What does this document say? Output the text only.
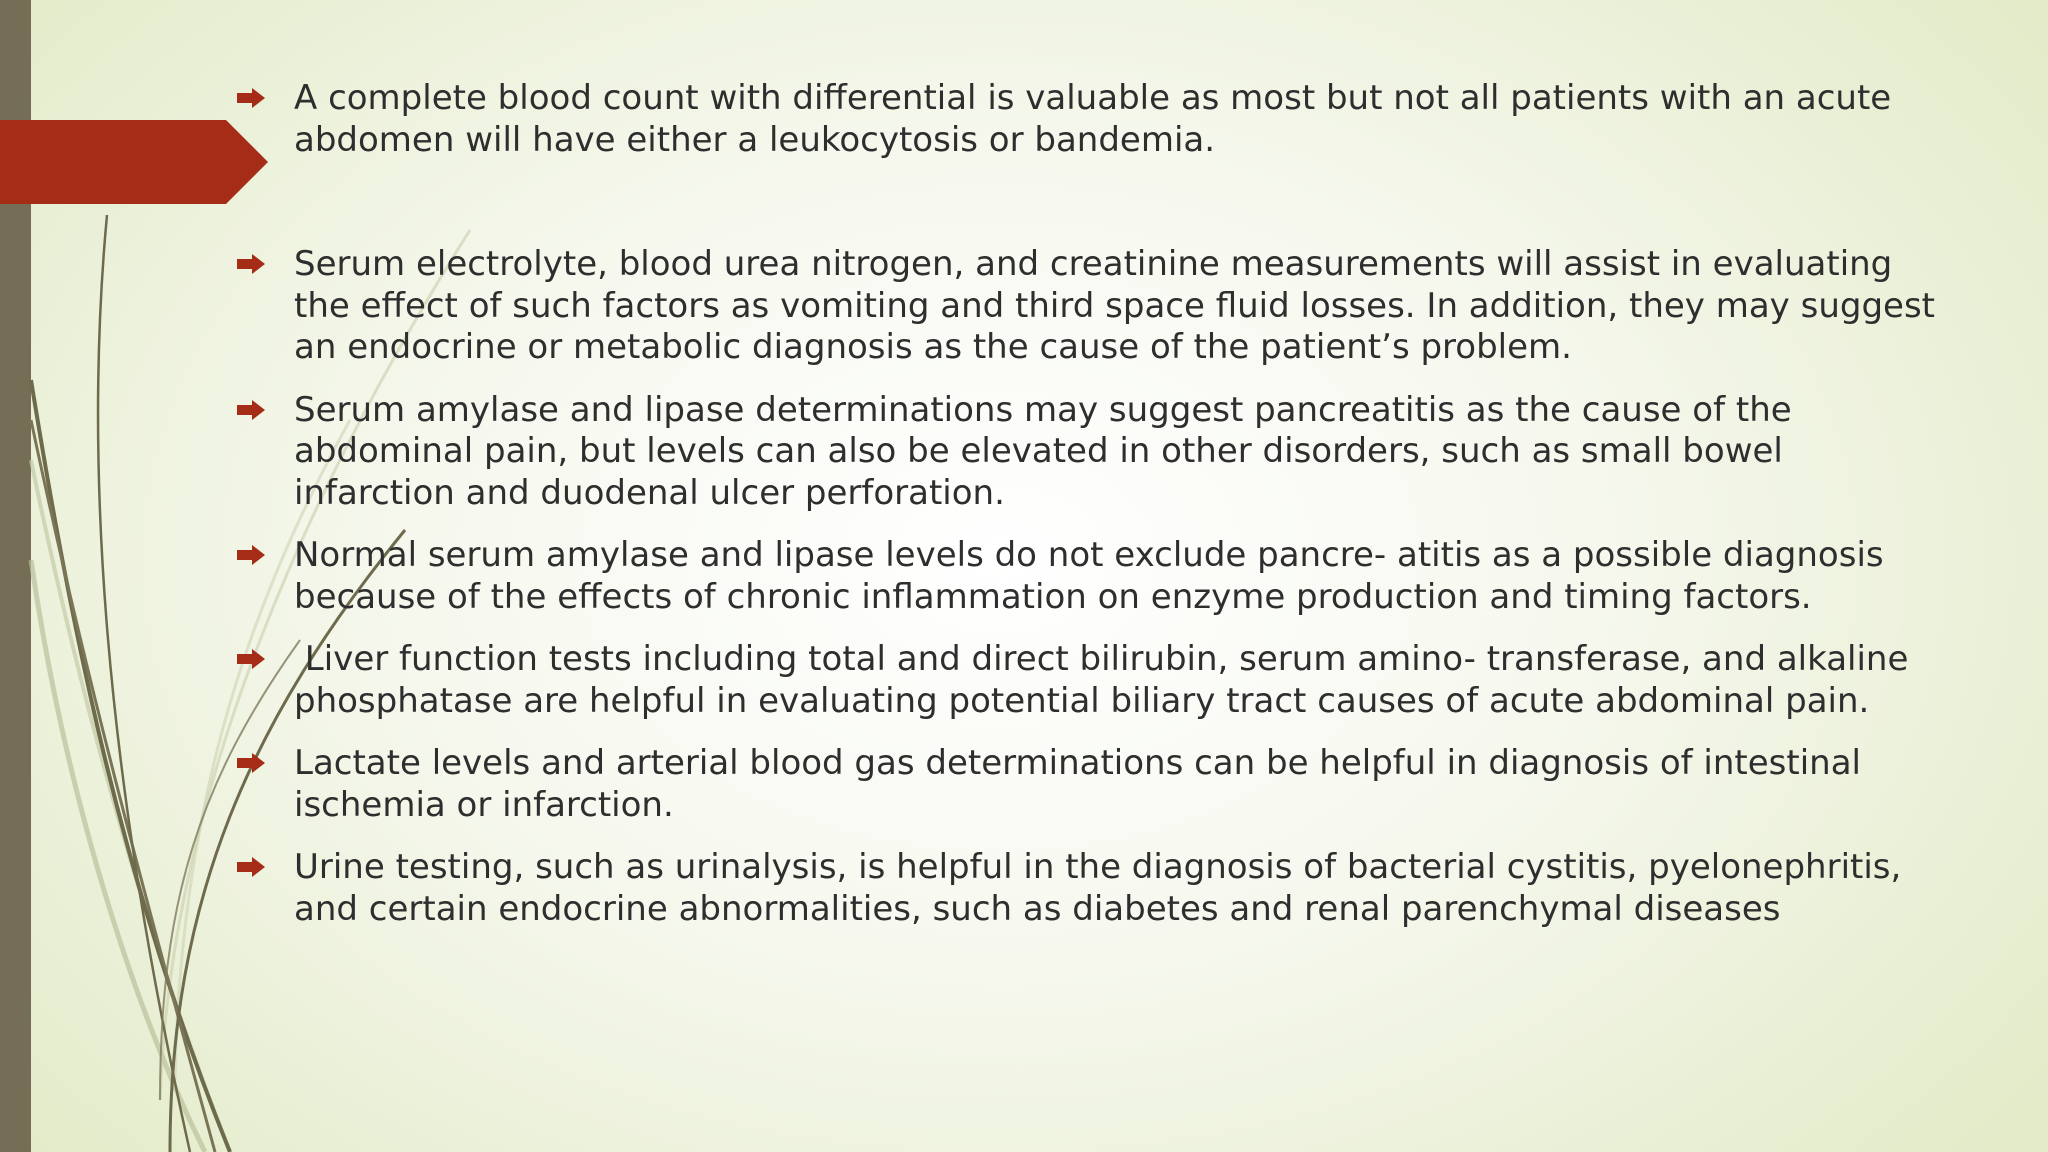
A complete blood count with differential is valuable as most but not all patients with an acute
abdomen will have either a leukocytosis or bandemia.
Serum electrolyte, blood urea nitrogen, and creatinine measurements will assist in evaluating
the effect of such factors as vomiting and third space fluid losses. In addition, they may suggest
an endocrine or metabolic diagnosis as the cause of the patient’s problem.
Serum amylase and lipase determinations may suggest pancreatitis as the cause of the
abdominal pain, but levels can also be elevated in other disorders, such as small bowel
infarction and duodenal ulcer perforation.
Normal serum amylase and lipase levels do not exclude pancre- atitis as a possible diagnosis
because of the effects of chronic inflammation on enzyme production and timing factors.
Liver function tests including total and direct bilirubin, serum amino- transferase, and alkaline
phosphatase are helpful in evaluating potential biliary tract causes of acute abdominal pain.
Lactate levels and arterial blood gas determinations can be helpful in diagnosis of intestinal
ischemia or infarction.
Urine testing, such as urinalysis, is helpful in the diagnosis of bacterial cystitis, pyelonephritis,
and certain endocrine abnormalities, such as diabetes and renal parenchymal diseases
